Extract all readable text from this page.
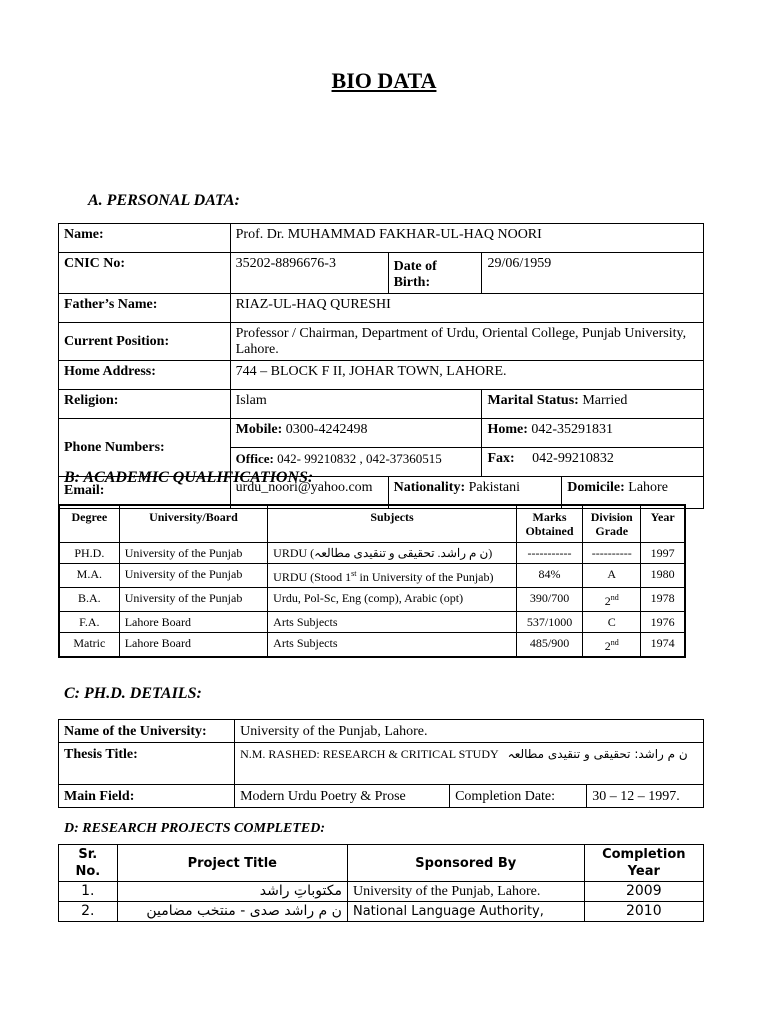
BIO DATA
A. PERSONAL DATA:
Name:	Prof. Dr. MUHAMMAD FAKHAR-UL-HAQ NOORI			
CNIC No:	35202-8896676-3	Date of Birth:	29/06/1959	
Father’s Name:	RIAZ-UL-HAQ QURESHI			
Current Position:	Professor / Chairman, Department of Urdu, Oriental College, Punjab University, Lahore.			
Home Address:	744 – BLOCK F II, JOHAR TOWN, LAHORE.			
Religion:	Islam		Marital Status: Married	
Phone Numbers:	Mobile: 0300-4242498		Home: 042-35291831	
	Office: 042- 99210832 , 042-37360515		Fax: 042-99210832	
Email:	urdu_noori@yahoo.com	Nationality: Pakistani		Domicile: Lahore
B: ACADEMIC QUALIFICATIONS:
Degree	University/Board	Subjects	Marks Obtained	Division Grade	Year
PH.D.	University of the Punjab	URDU (ن م راشد. تحقیقی و تنقیدی مطالعہ)	-----------	----------	1997
M.A.	University of the Punjab	URDU (Stood 1st in University of the Punjab)	84%	A	1980
B.A.	University of the Punjab	Urdu, Pol-Sc, Eng (comp), Arabic (opt)	390/700	2nd	1978
F.A.	Lahore Board	Arts Subjects	537/1000	C	1976
Matric	Lahore Board	Arts Subjects	485/900	2nd	1974
C: PH.D. DETAILS:
Name of the University:	University of the Punjab, Lahore.		
Thesis Title:	N.M. RASHED: RESEARCH & CRITICAL STUDY ن م راشد: تحقیقی و تنقیدی مطالعہ		
Main Field:	Modern Urdu Poetry & Prose	Completion Date:	30 – 12 – 1997.
D: RESEARCH PROJECTS COMPLETED:
Sr. No.	Project Title	Sponsored By	Completion Year
1.	مکتوباتِ راشد	University of the Punjab, Lahore.	2009
2.	ن م راشد صدی - منتخب مضامین	National Language Authority,	2010
